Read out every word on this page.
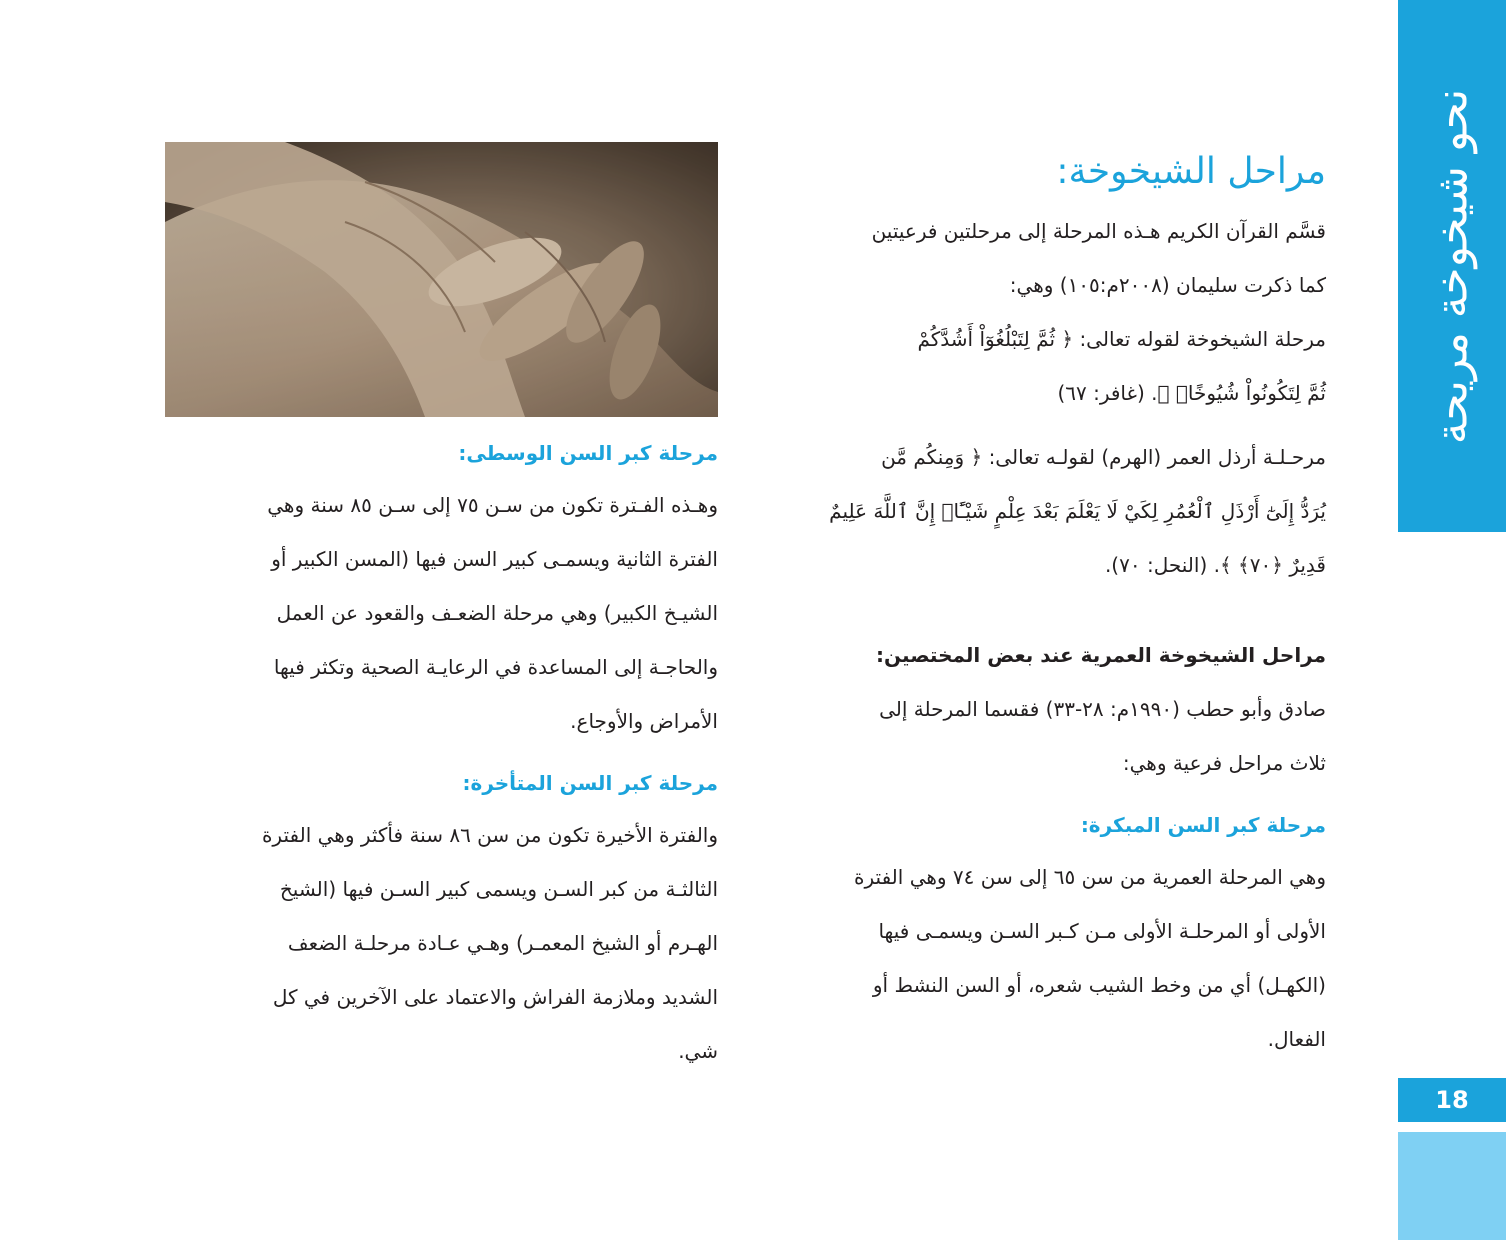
نحو شيخوخة مريحة
18
مراحل الشيخوخة:

قسَّم القرآن الكريم هـذه المرحلة إلى مرحلتين فرعيتين

كما ذكرت سليمان (٢٠٠٨م:١٠٥) وهي:

مرحلة الشيخوخة لقوله تعالى: ﴿ ثُمَّ لِتَبْلُغُوٓاْ أَشُدَّكُمْ

ثُمَّ لِتَكُونُواْ شُيُوخًاۚ ﴾. (غافر: ٦٧)

مرحـلـة أرذل العمر (الهرم) لقولـه تعالى: ﴿ وَمِنكُم مَّن

يُرَدُّ إِلَىٰٓ أَرْذَلِ ٱلْعُمُرِ لِكَيْ لَا يَعْلَمَ بَعْدَ عِلْمٍ شَيْـًٔاۚ إِنَّ ٱللَّهَ عَلِيمٌ

قَدِيرٌ ﴿٧٠﴾ ﴾. (النحل: ٧٠).

مراحل الشيخوخة العمرية عند بعض المختصين:

صادق وأبو حطب (١٩٩٠م: ٢٨-٣٣) فقسما المرحلة إلى

ثلاث مراحل فرعية وهي:

مرحلة كبر السن المبكرة:

وهي المرحلة العمرية من سن ٦٥ إلى سن ٧٤ وهي الفترة

الأولى أو المرحلـة الأولى مـن كـبر السـن ويسمـى فيها

(الكهـل) أي من وخط الشيب شعره، أو السن النشط أو

الفعال.

مرحلة كبر السن الوسطى:

وهـذه الفـترة تكون من سـن ٧٥ إلى سـن ٨٥ سنة وهي

الفترة الثانية ويسمـى كبير السن فيها (المسن الكبير أو

الشيـخ الكبير) وهي مرحلة الضعـف والقعود عن العمل

والحاجـة إلى المساعدة في الرعايـة الصحية وتكثر فيها

الأمراض والأوجاع.

مرحلة كبر السن المتأخرة:

والفترة الأخيرة تكون من سن ٨٦ سنة فأكثر وهي الفترة

الثالثـة من كبر السـن ويسمى كبير السـن فيها (الشيخ

الهـرم أو الشيخ المعمـر) وهـي عـادة مرحلـة الضعف

الشديد وملازمة الفراش والاعتماد على الآخرين في كل

شي.
